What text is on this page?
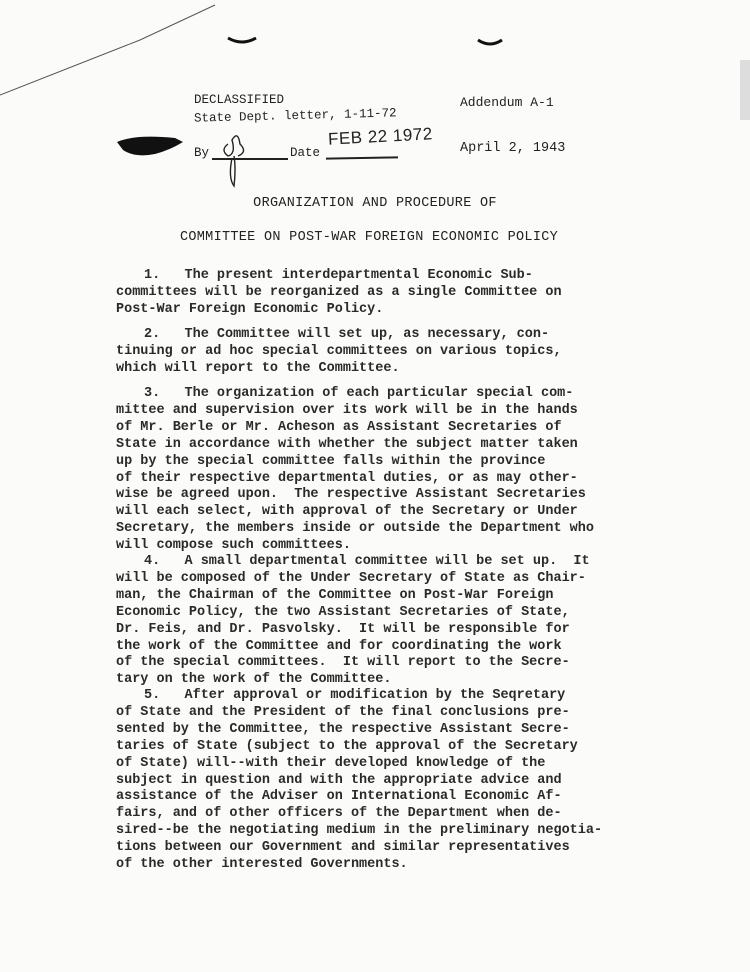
DECLASSIFIED
State Dept. letter, 1-11-72
FEB 22 1972
By	Date
Addendum A-1
April 2, 1943
ORGANIZATION AND PROCEDURE OF
COMMITTEE ON POST-WAR FOREIGN ECONOMIC POLICY
1.   The present interdepartmental Economic Sub-
committees will be reorganized as a single Committee on
Post-War Foreign Economic Policy.
2.   The Committee will set up, as necessary, con-
tinuing or ad hoc special committees on various topics,
which will report to the Committee.
3.   The organization of each particular special com-
mittee and supervision over its work will be in the hands
of Mr. Berle or Mr. Acheson as Assistant Secretaries of
State in accordance with whether the subject matter taken
up by the special committee falls within the province
of their respective departmental duties, or as may other-
wise be agreed upon.  The respective Assistant Secretaries
will each select, with approval of the Secretary or Under
Secretary, the members inside or outside the Department who
will compose such committees.
4.   A small departmental committee will be set up.  It
will be composed of the Under Secretary of State as Chair-
man, the Chairman of the Committee on Post-War Foreign
Economic Policy, the two Assistant Secretaries of State,
Dr. Feis, and Dr. Pasvolsky.  It will be responsible for
the work of the Committee and for coordinating the work
of the special committees.  It will report to the Secre-
tary on the work of the Committee.
5.   After approval or modification by the Seqretary
of State and the President of the final conclusions pre-
sented by the Committee, the respective Assistant Secre-
taries of State (subject to the approval of the Secretary
of State) will--with their developed knowledge of the
subject in question and with the appropriate advice and
assistance of the Adviser on International Economic Af-
fairs, and of other officers of the Department when de-
sired--be the negotiating medium in the preliminary negotia-
tions between our Government and similar representatives
of the other interested Governments.
